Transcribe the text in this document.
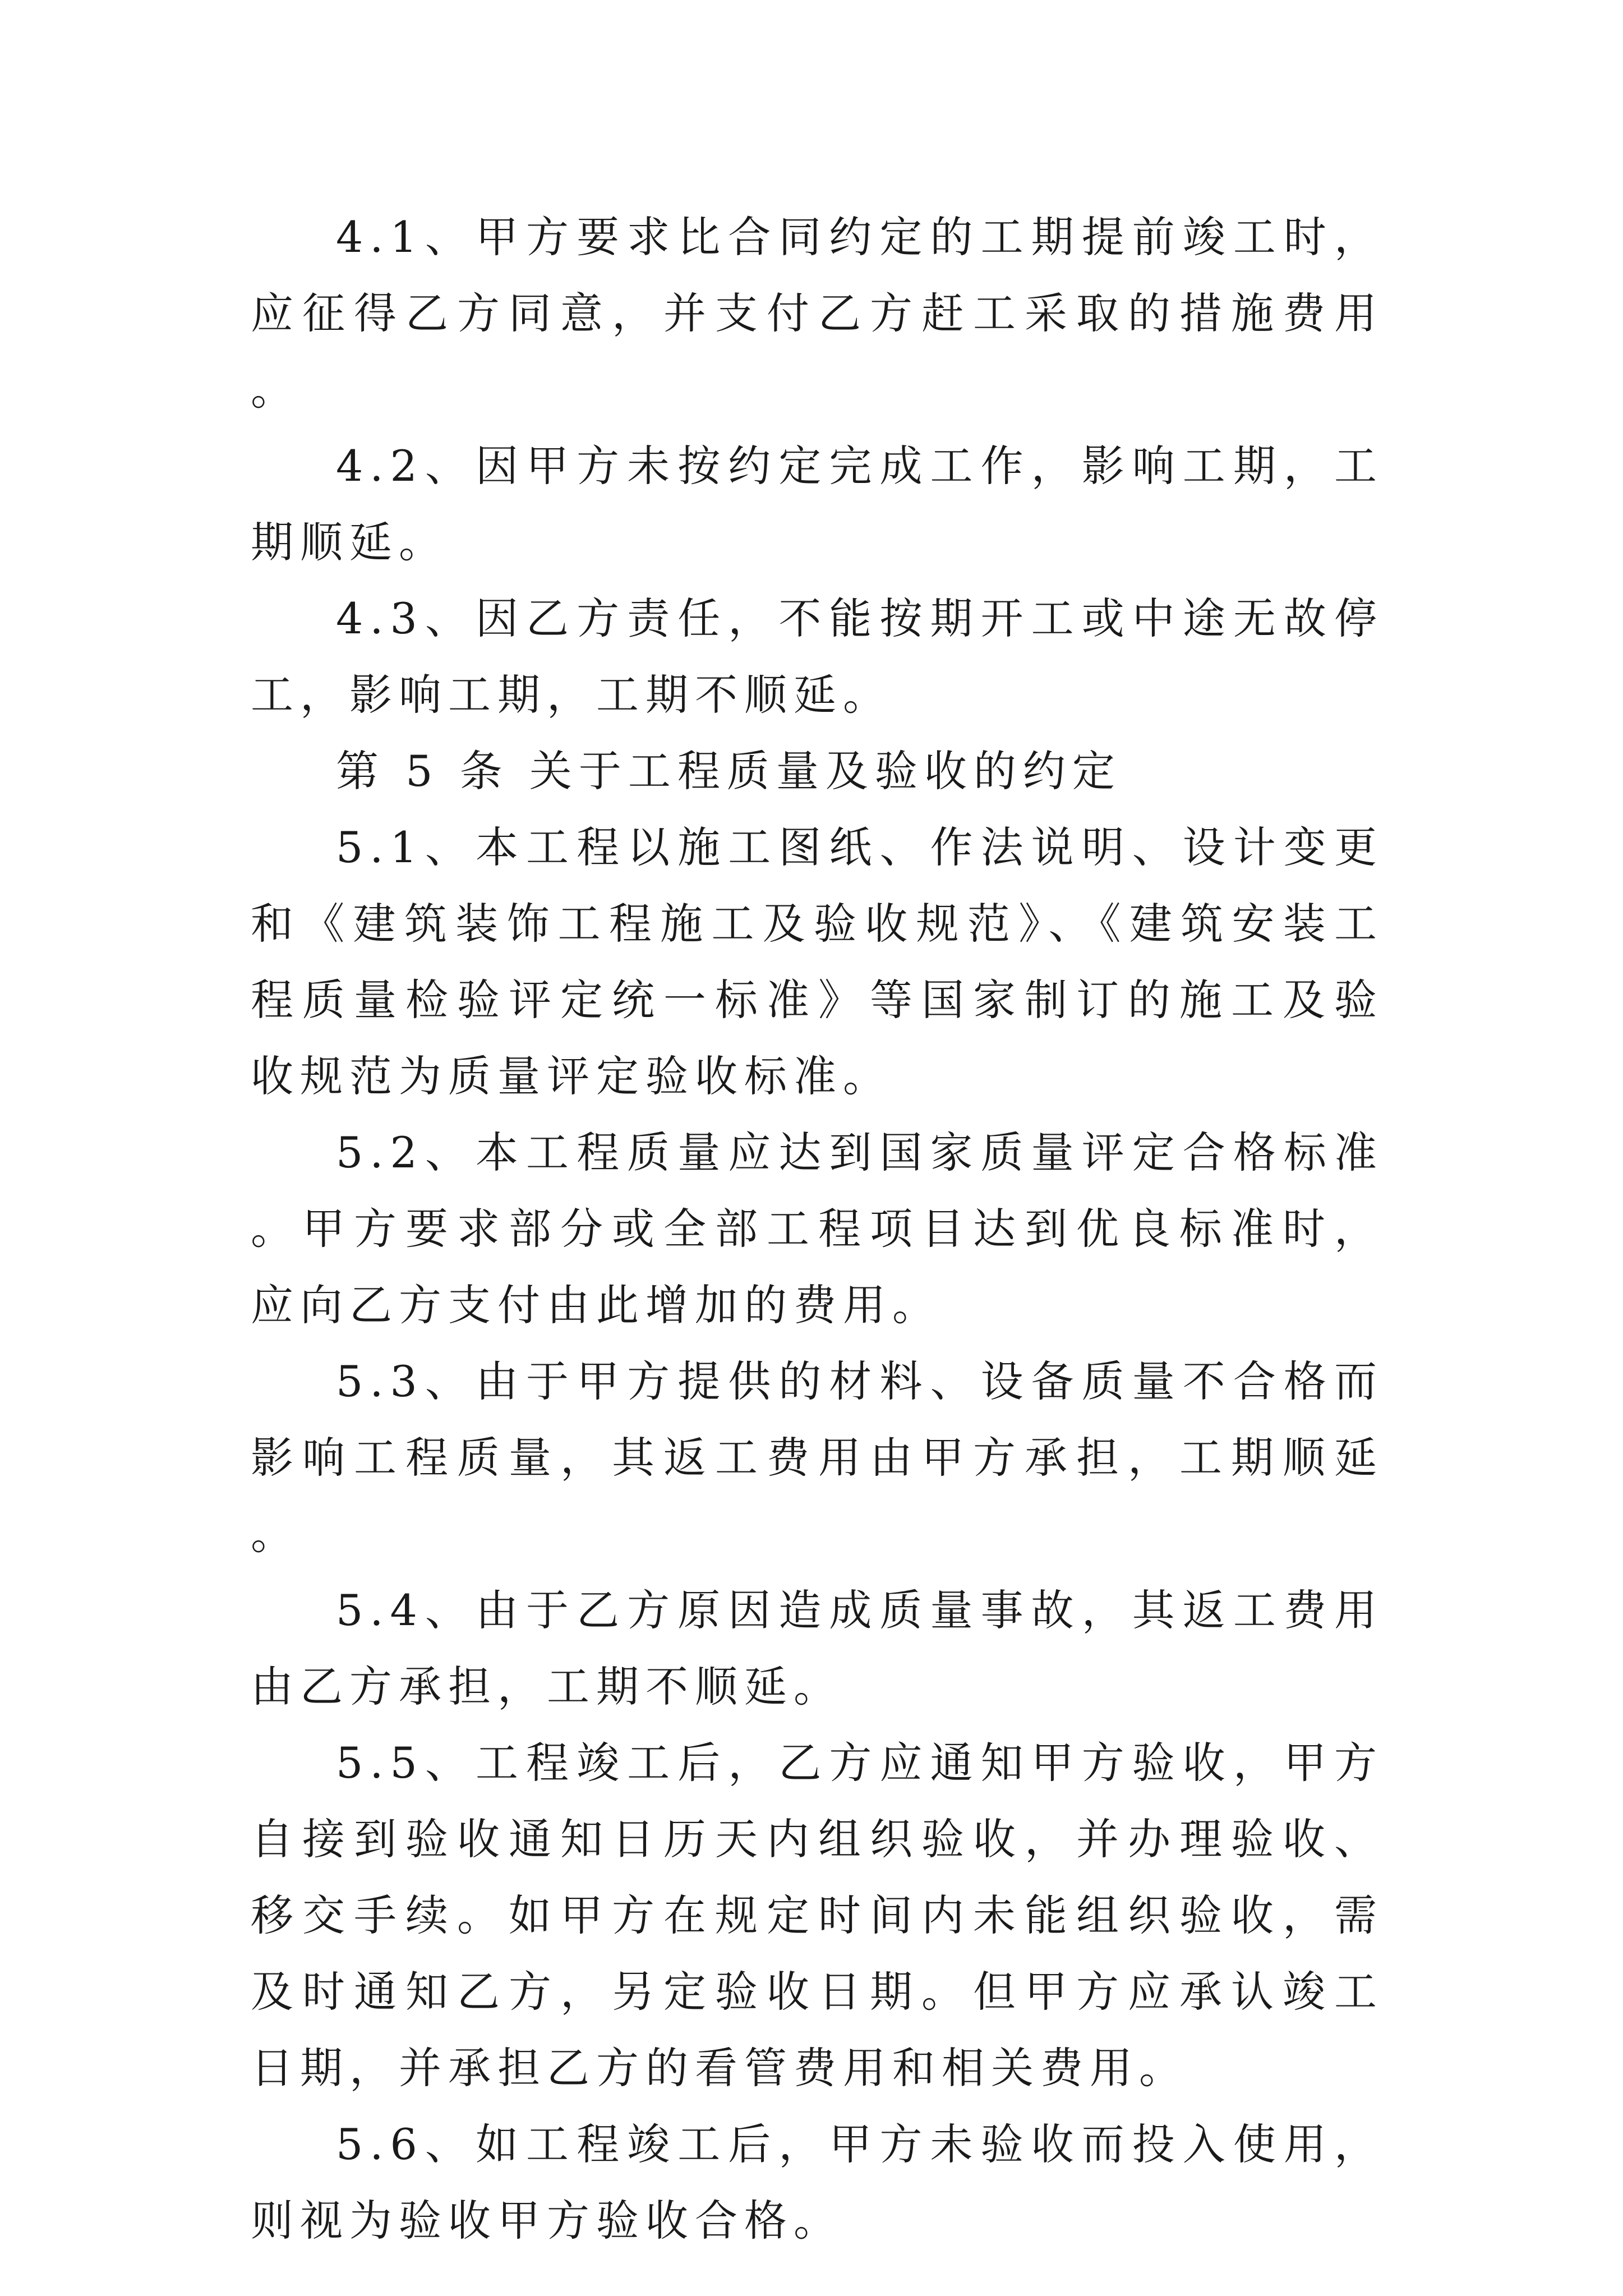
4.1、甲方要求比合同约定的工期提前竣工时，应征得乙方同意，并支付乙方赶工采取的措施费用。

4.2、因甲方未按约定完成工作，影响工期，工期顺延。

4.3、因乙方责任，不能按期开工或中途无故停工，影响工期，工期不顺延。

第 5 条 关于工程质量及验收的约定

5.1、本工程以施工图纸、作法说明、设计变更和《建筑装饰工程施工及验收规范》、《建筑安装工程质量检验评定统一标准》等国家制订的施工及验收规范为质量评定验收标准。

5.2、本工程质量应达到国家质量评定合格标准。甲方要求部分或全部工程项目达到优良标准时，应向乙方支付由此增加的费用。

5.3、由于甲方提供的材料、设备质量不合格而影响工程质量，其返工费用由甲方承担，工期顺延。

5.4、由于乙方原因造成质量事故，其返工费用由乙方承担，工期不顺延。

5.5、工程竣工后，乙方应通知甲方验收，甲方自接到验收通知日历天内组织验收，并办理验收、移交手续。如甲方在规定时间内未能组织验收，需及时通知乙方，另定验收日期。但甲方应承认竣工日期，并承担乙方的看管费用和相关费用。

5.6、如工程竣工后，甲方未验收而投入使用，则视为验收甲方验收合格。
